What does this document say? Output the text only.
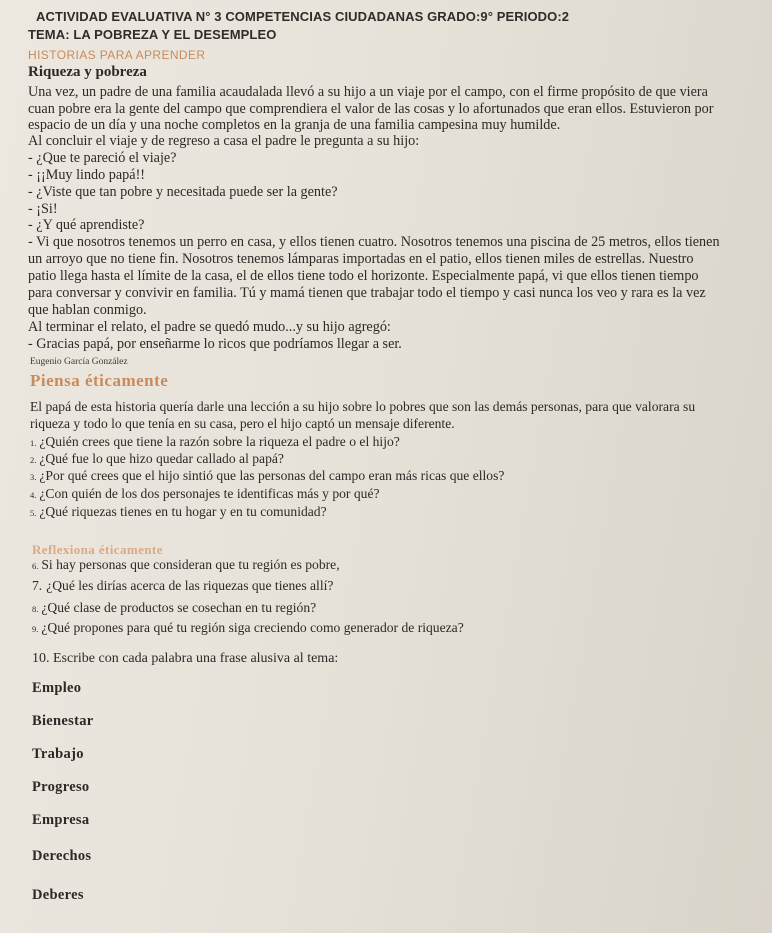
ACTIVIDAD EVALUATIVA N° 3 COMPETENCIAS CIUDADANAS GRADO:9° PERIODO:2
TEMA: LA POBREZA Y EL DESEMPLEO
HISTORIAS PARA APRENDER
Riqueza y pobreza
Una vez, un padre de una familia acaudalada llevó a su hijo a un viaje por el campo, con el firme propósito de que viera
cuan pobre era la gente del campo que comprendiera el valor de las cosas y lo afortunados que eran ellos. Estuvieron por
espacio de un día y una noche completos en la granja de una familia campesina muy humilde.
Al concluir el viaje y de regreso a casa el padre le pregunta a su hijo:
- ¿Que te pareció el viaje?
- ¡¡Muy lindo papá!!
- ¿Viste que tan pobre y necesitada puede ser la gente?
- ¡Si!
- ¿Y qué aprendiste?
- Vi que nosotros tenemos un perro en casa, y ellos tienen cuatro. Nosotros tenemos una piscina de 25 metros, ellos tienen
un arroyo que no tiene fin. Nosotros tenemos lámparas importadas en el patio, ellos tienen miles de estrellas. Nuestro
patio llega hasta el límite de la casa, el de ellos tiene todo el horizonte. Especialmente papá, vi que ellos tienen tiempo
para conversar y convivir en familia. Tú y mamá tienen que trabajar todo el tiempo y casi nunca los veo y rara es la vez
que hablan conmigo.
Al terminar el relato, el padre se quedó mudo...y su hijo agregó:
- Gracias papá, por enseñarme lo ricos que podríamos llegar a ser.
Eugenio García González
Piensa éticamente
El papá de esta historia quería darle una lección a su hijo sobre lo pobres que son las demás personas, para que valorara su
riqueza y todo lo que tenía en su casa, pero el hijo captó un mensaje diferente.
1. ¿Quién crees que tiene la razón sobre la riqueza el padre o el hijo?
2. ¿Qué fue lo que hizo quedar callado al papá?
3. ¿Por qué crees que el hijo sintió que las personas del campo eran más ricas que ellos?
4. ¿Con quién de los dos personajes te identificas más y por qué?
5. ¿Qué riquezas tienes en tu hogar y en tu comunidad?
Reflexiona éticamente
6. Si hay personas que consideran que tu región es pobre,
7. ¿Qué les dirías acerca de las riquezas que tienes allí?
8. ¿Qué clase de productos se cosechan en tu región?
9. ¿Qué propones para qué tu región siga creciendo como generador de riqueza?
10. Escribe con cada palabra una frase alusiva al tema:
Empleo
Bienestar
Trabajo
Progreso
Empresa
Derechos
Deberes
